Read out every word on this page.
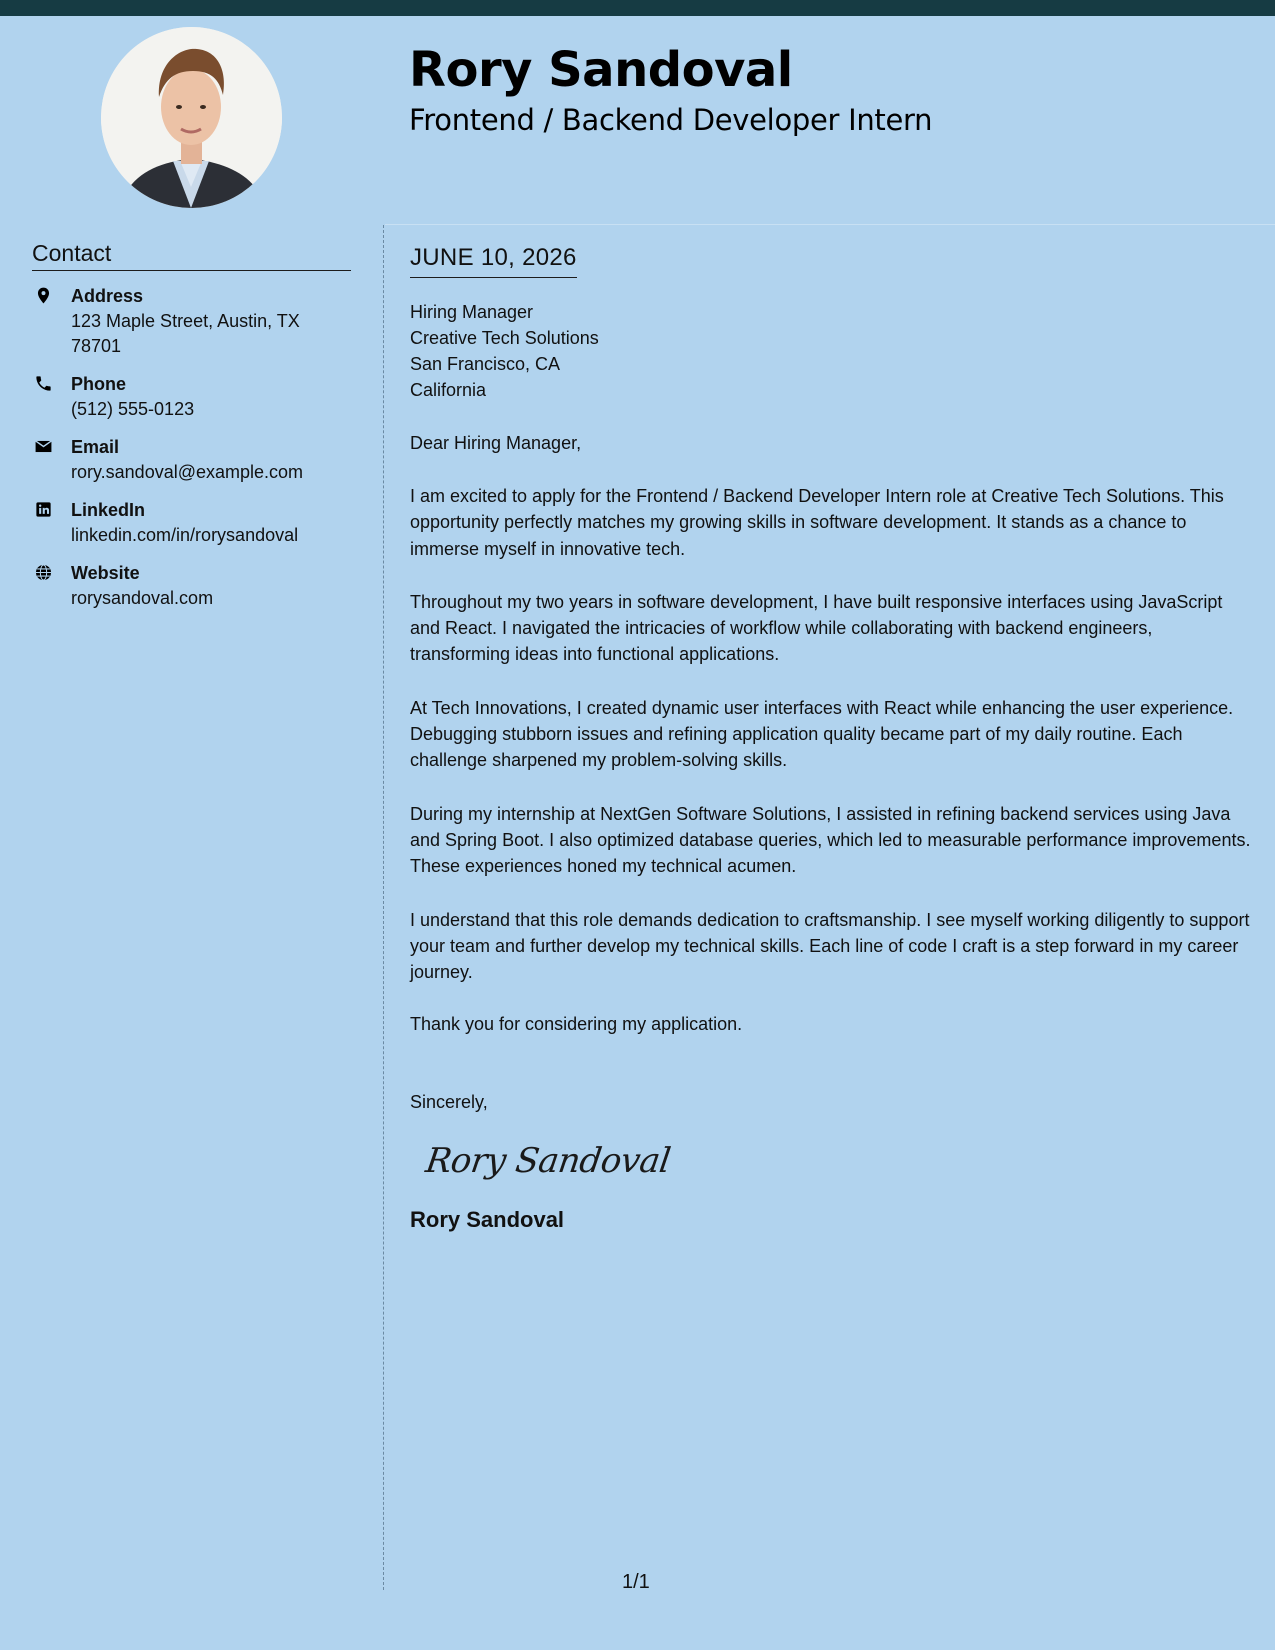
Rory Sandoval
Frontend / Backend Developer Intern
Contact
Address
123 Maple Street, Austin, TX 78701
Phone
(512) 555-0123
Email
rory.sandoval@example.com
LinkedIn
linkedin.com/in/rorysandoval
Website
rorysandoval.com
JUNE 10, 2026
Hiring Manager
Creative Tech Solutions
San Francisco, CA
California
Dear Hiring Manager,

I am excited to apply for the Frontend / Backend Developer Intern role at Creative Tech Solutions. This opportunity perfectly matches my growing skills in software development. It stands as a chance to immerse myself in innovative tech.

Throughout my two years in software development, I have built responsive interfaces using JavaScript and React. I navigated the intricacies of workflow while collaborating with backend engineers, transforming ideas into functional applications.

At Tech Innovations, I created dynamic user interfaces with React while enhancing the user experience. Debugging stubborn issues and refining application quality became part of my daily routine. Each challenge sharpened my problem-solving skills.

During my internship at NextGen Software Solutions, I assisted in refining backend services using Java and Spring Boot. I also optimized database queries, which led to measurable performance improvements. These experiences honed my technical acumen.

I understand that this role demands dedication to craftsmanship. I see myself working diligently to support your team and further develop my technical skills. Each line of code I craft is a step forward in my career journey.

Thank you for considering my application.
Sincerely,
Rory Sandoval
Rory Sandoval
1/1
